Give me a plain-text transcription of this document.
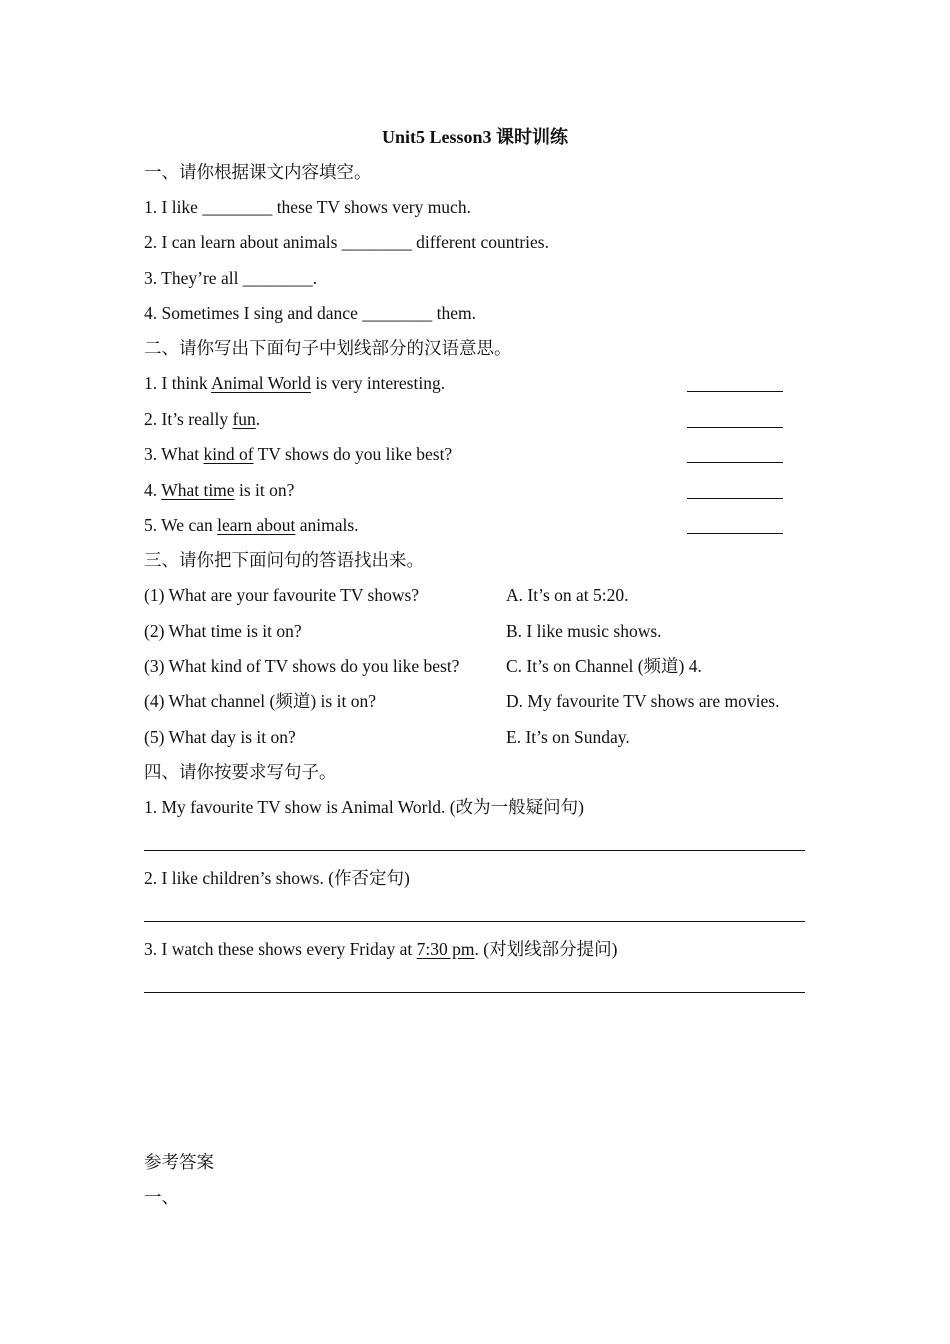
Unit5 Lesson3 课时训练
一、请你根据课文内容填空。
1. I like ________ these TV shows very much.
2. I can learn about animals ________ different countries.
3. They’re all ________.
4. Sometimes I sing and dance ________ them.
二、请你写出下面句子中划线部分的汉语意思。
1. I think Animal World is very interesting.
2. It’s really fun.
3. What kind of TV shows do you like best?
4. What time is it on?
5. We can learn about animals.
三、请你把下面问句的答语找出来。
(1) What are your favourite TV shows?	A. It’s on at 5:20.
(2) What time is it on?	B. I like music shows.
(3) What kind of TV shows do you like best?	C. It’s on Channel (频道) 4.
(4) What channel (频道) is it on?	D. My favourite TV shows are movies.
(5) What day is it on?	E. It’s on Sunday.
四、请你按要求写句子。
1. My favourite TV show is Animal World. (改为一般疑问句)
2. I like children’s shows. (作否定句)
3. I watch these shows every Friday at 7:30 pm. (对划线部分提问)
参考答案
一、
